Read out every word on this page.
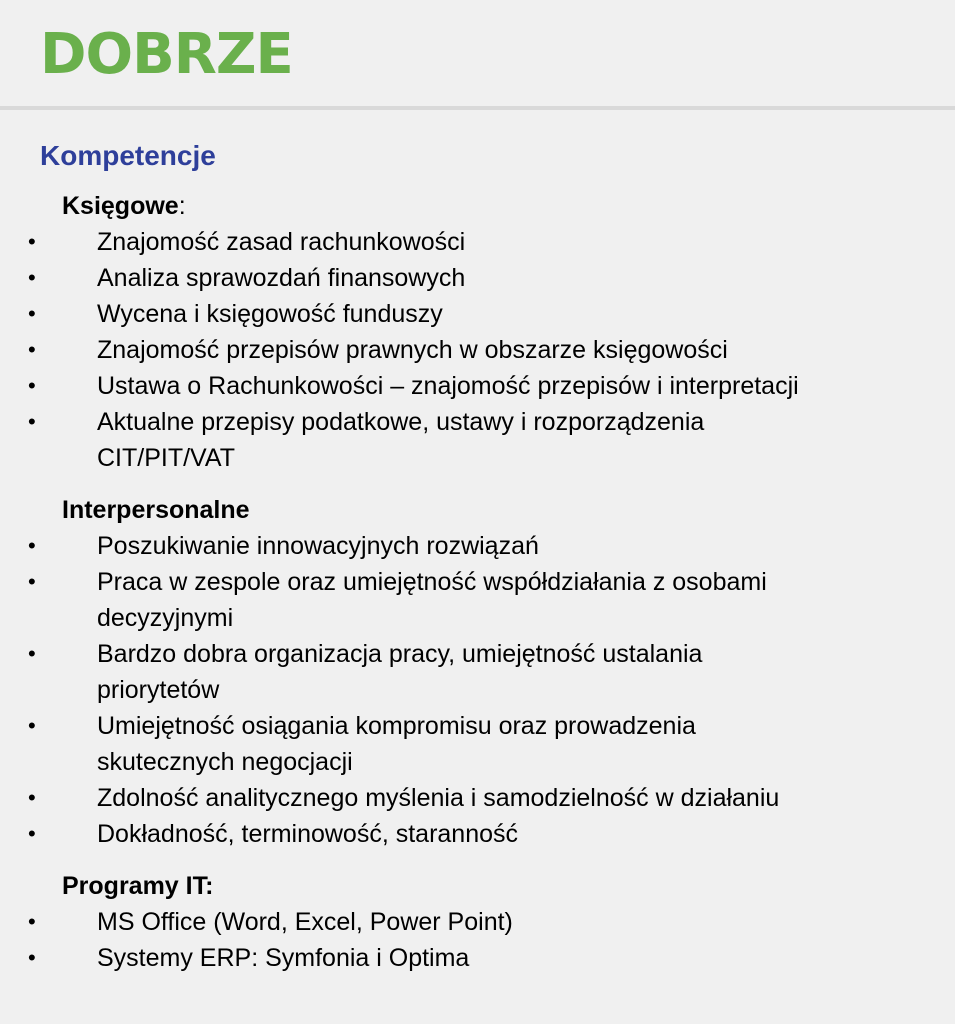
DOBRZE
Kompetencje

Księgowe:

• Znajomość zasad rachunkowości
• Analiza sprawozdań finansowych
• Wycena i księgowość funduszy
• Znajomość przepisów prawnych w obszarze księgowości
• Ustawa o Rachunkowości – znajomość przepisów i interpretacji
• Aktualne przepisy podatkowe, ustawy i rozporządzenia CIT/PIT/VAT

Interpersonalne

• Poszukiwanie innowacyjnych rozwiązań
• Praca w zespole oraz umiejętność współdziałania z osobami decyzyjnymi
• Bardzo dobra organizacja pracy, umiejętność ustalania priorytetów
• Umiejętność osiągania kompromisu oraz prowadzenia skutecznych negocjacji
• Zdolność analitycznego myślenia i samodzielność w działaniu
• Dokładność, terminowość, staranność

Programy IT:

• MS Office (Word, Excel, Power Point)
• Systemy ERP: Symfonia i Optima
